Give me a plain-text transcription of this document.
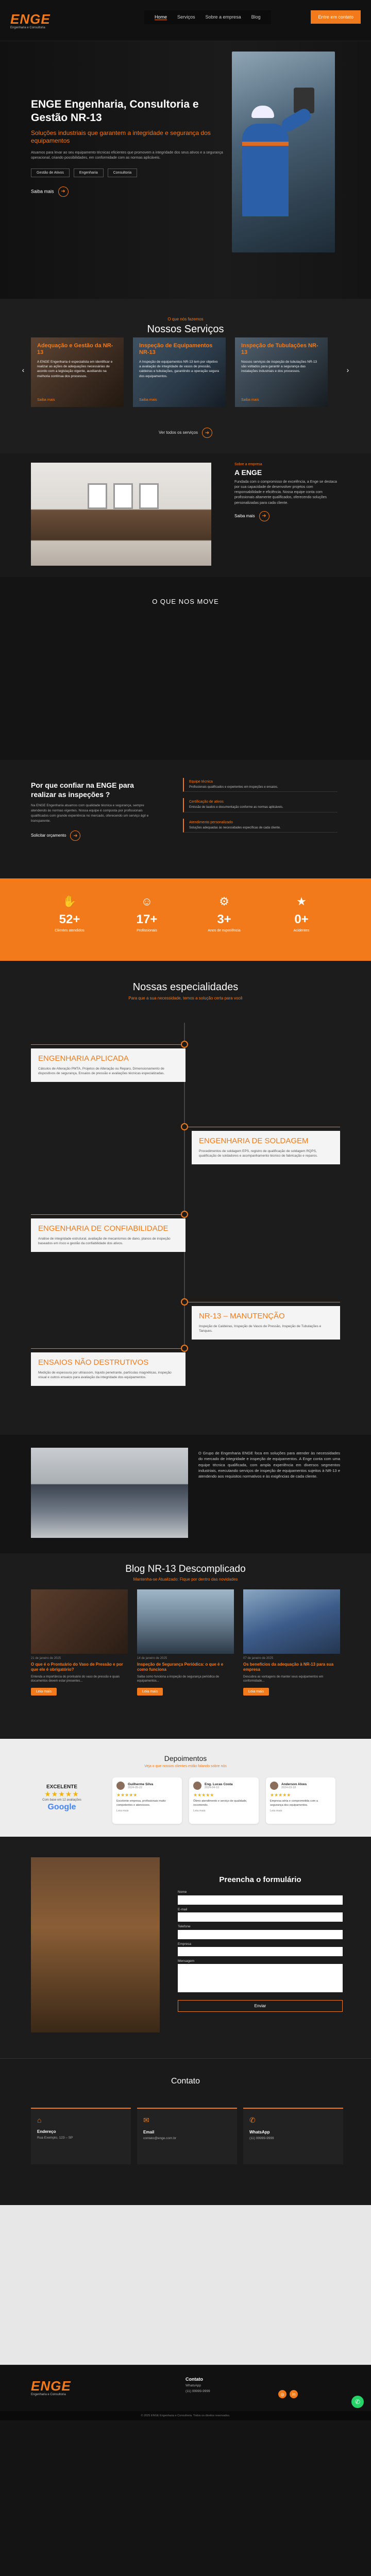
ENGE
Engenharia e Consultoria
Home Serviços Sobre a empresa Blog	Entre em contato
ENGE Engenharia, Consultoria e Gestão NR-13
Soluções industriais que garantem a integridade e segurança dos equipamentos

Atuamos para levar ao seu equipamento técnicas eficientes que promovem a integridade dos seus ativos e a segurança operacional, criando possibilidades, em conformidade com as normas aplicáveis.

Gestão de Ativos	Engenharia	Consultoria
Saiba mais ➜
O que nós fazemos
Nossos Serviços
‹
Adequação e Gestão da NR-13

A ENGE Engenharia é especialista em identificar e realizar as ações de adequações necessárias de acordo com a legislação vigente, auxiliando na melhoria contínua dos processos.

Saiba mais
Inspeção de Equipamentos NR-13

A Inspeção de equipamentos NR-13 tem por objetivo a avaliação de integridade de vasos de pressão, caldeiras e tubulações, garantindo a operação segura dos equipamentos.

Saiba mais
Inspeção de Tubulações NR-13

Nossos serviços de inspeção de tubulações NR-13 são voltados para garantir a segurança das instalações industriais e dos processos.

Saiba mais
›
Ver todos os serviços ➜
Sobre a empresa
A ENGE

Fundada com o compromisso de excelência, a Enge se destaca por sua capacidade de desenvolver projetos com responsabilidade e eficiência. Nossa equipe conta com profissionais altamente qualificados, oferecendo soluções personalizadas para cada cliente.

Saiba mais ➜
O QUE NOS MOVE
Por que confiar na ENGE para realizar as inspeções ?

Na ENGE Engenharia atuamos com qualidade técnica e segurança, sempre atendendo às normas vigentes. Nossa equipe é composta por profissionais qualificados com grande experiência no mercado, oferecendo um serviço ágil e transparente.

Solicitar orçamento ➜
Equipe técnica

Profissionais qualificados e experientes em inspeções e ensaios.

Certificação de ativos

Emissão de laudos e documentação conforme as normas aplicáveis.

Atendimento personalizado

Soluções adequadas às necessidades específicas de cada cliente.

✋
52+
Clientes atendidos
☺
17+
Profissionais
⚙
3+
Anos de experiência
★
0+
Acidentes
Nossas especialidades
Para que a sua necessidade, temos a solução certa para você
ENGENHARIA APLICADA

Cálculos de Alteração PMTA, Projetos de Alteração ou Reparo, Dimensionamento de dispositivos de segurança, Ensaios de pressão e avaliações técnicas especializadas.

ENGENHARIA DE SOLDAGEM

Procedimentos de soldagem EPS, registro de qualificação de soldagem RQPS, qualificação de soldadores e acompanhamento técnico de fabricação e reparos.

ENGENHARIA DE CONFIABILIDADE

Análise de integridade estrutural, avaliação de mecanismos de dano, planos de inspeção baseados em risco e gestão da confiabilidade dos ativos.

NR-13 – MANUTENÇÃO

Inspeção de Caldeiras, Inspeção de Vasos de Pressão, Inspeção de Tubulações e Tanques.

ENSAIOS NÃO DESTRUTIVOS

Medição de espessura por ultrassom, líquido penetrante, partículas magnéticas, inspeção visual e outros ensaios para avaliação da integridade dos equipamentos.

O Grupo de Engenharia ENGE foca em soluções para atender às necessidades do mercado de integridade e inspeção de equipamentos. A Enge conta com uma equipe técnica qualificada, com ampla experiência em diversos segmentos industriais, executando serviços de inspeção de equipamentos sujeitos à NR-13 e atendendo aos requisitos normativos e às exigências de cada cliente.

Blog NR-13 Descomplicado
Mantenha-se Atualizado: Fique por dentro das novidades
21 de janeiro de 2025
O que é o Prontuário do Vaso de Pressão e por que ele é obrigatório?

Entenda a importância do prontuário do vaso de pressão e quais documentos devem estar presentes...

Leia mais
14 de janeiro de 2025
Inspeção de Segurança Periódica: o que é e como funciona

Saiba como funciona a inspeção de segurança periódica de equipamentos...

Leia mais
07 de janeiro de 2025
Os benefícios da adequação à NR-13 para sua empresa

Descubra as vantagens de manter seus equipamentos em conformidade...

Leia mais
Depoimentos
Veja o que nossos clientes estão falando sobre nós
EXCELENTE
★★★★★
Com base em 12 avaliações
Google
Guilherme Silva
2024-05-22
★★★★★
Excelente empresa, profissionais muito competentes e atenciosos.
Leia mais
Eng. Lucas Costa
2024-04-10
★★★★★
Ótimo atendimento e serviço de qualidade, recomendo.
Leia mais
Anderson Alves
2024-03-18
★★★★★
Empresa séria e comprometida com a segurança dos equipamentos.
Leia mais
Preencha o formulário
Nome
E-mail
Telefone
Empresa
Mensagem
Enviar
Contato
⌂
Endereço

Rua Exemplo, 123 – SP

✉
Email

contato@enge.com.br

✆
WhatsApp

(11) 99999-9999

ENGE
Engenharia e Consultoria
Contato

WhatsApp

(11) 99999-9999

◎	in
✆
© 2025 ENGE Engenharia e Consultoria. Todos os direitos reservados.
